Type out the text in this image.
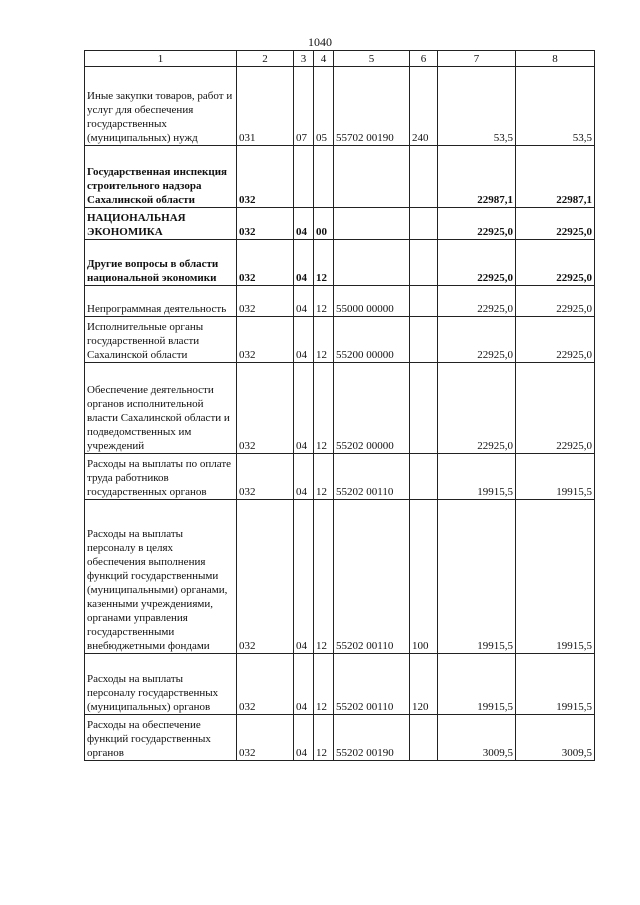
1040
1	2	3	4	5	6	7	8
Иные закупки товаров, работ и услуг для обеспечения государственных (муниципальных) нужд	031	07	05	55702 00190	240	53,5	53,5
Государственная инспекция строительного надзора Сахалинской области	032					22987,1	22987,1
НАЦИОНАЛЬНАЯ ЭКОНОМИКА	032	04	00			22925,0	22925,0
Другие вопросы в области национальной экономики	032	04	12			22925,0	22925,0
Непрограммная деятельность	032	04	12	55000 00000		22925,0	22925,0
Исполнительные органы государственной власти Сахалинской области	032	04	12	55200 00000		22925,0	22925,0
Обеспечение деятельности органов исполнительной власти Сахалинской области и подведомственных им учреждений	032	04	12	55202 00000		22925,0	22925,0
Расходы на выплаты по оплате труда работников государственных органов	032	04	12	55202 00110		19915,5	19915,5
Расходы на выплаты персоналу в целях обеспечения выполнения функций государственными (муниципальными) органами, казенными учреждениями, органами управления государственными внебюджетными фондами	032	04	12	55202 00110	100	19915,5	19915,5
Расходы на выплаты персоналу государственных (муниципальных) органов	032	04	12	55202 00110	120	19915,5	19915,5
Расходы на обеспечение функций государственных органов	032	04	12	55202 00190		3009,5	3009,5
